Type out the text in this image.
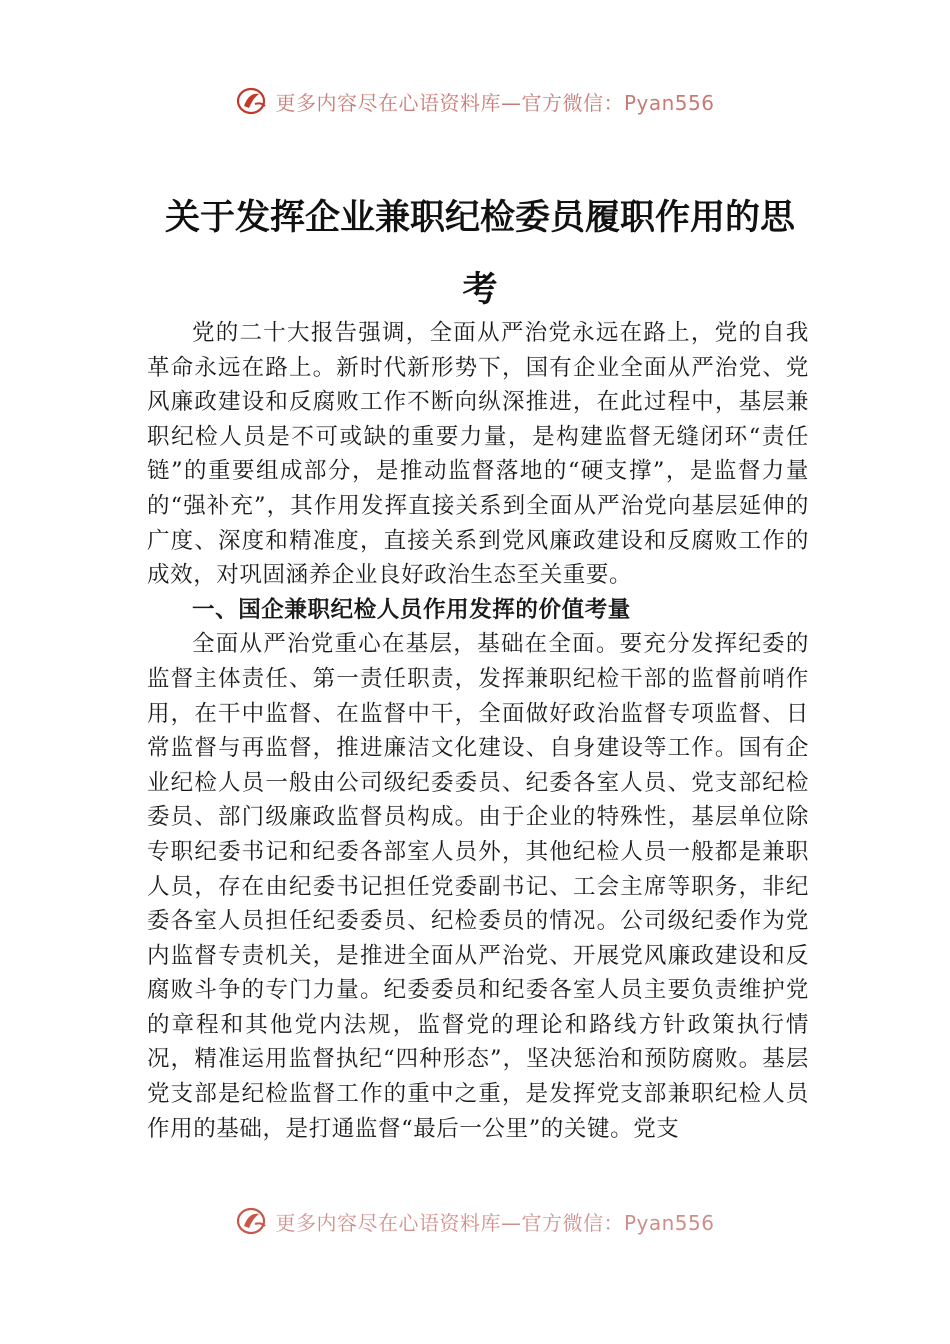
更多内容尽在心语资料库—官方微信：Pyan556
关于发挥企业兼职纪检委员履职作用的思考

党的二十大报告强调，全面从严治党永远在路上，党的自我革命永远在路上。新时代新形势下，国有企业全面从严治党、党风廉政建设和反腐败工作不断向纵深推进，在此过程中，基层兼职纪检人员是不可或缺的重要力量，是构建监督无缝闭环“责任链”的重要组成部分，是推动监督落地的“硬支撑”，是监督力量的“强补充”，其作用发挥直接关系到全面从严治党向基层延伸的广度、深度和精准度，直接关系到党风廉政建设和反腐败工作的成效，对巩固涵养企业良好政治生态至关重要。

一、国企兼职纪检人员作用发挥的价值考量

全面从严治党重心在基层，基础在全面。要充分发挥纪委的监督主体责任、第一责任职责，发挥兼职纪检干部的监督前哨作用，在干中监督、在监督中干，全面做好政治监督专项监督、日常监督与再监督，推进廉洁文化建设、自身建设等工作。国有企业纪检人员一般由公司级纪委委员、纪委各室人员、党支部纪检委员、部门级廉政监督员构成。由于企业的特殊性，基层单位除专职纪委书记和纪委各部室人员外，其他纪检人员一般都是兼职人员，存在由纪委书记担任党委副书记、工会主席等职务，非纪委各室人员担任纪委委员、纪检委员的情况。公司级纪委作为党内监督专责机关，是推进全面从严治党、开展党风廉政建设和反腐败斗争的专门力量。纪委委员和纪委各室人员主要负责维护党的章程和其他党内法规，监督党的理论和路线方针政策执行情况，精准运用监督执纪“四种形态”，坚决惩治和预防腐败。基层党支部是纪检监督工作的重中之重，是发挥党支部兼职纪检人员作用的基础，是打通监督“最后一公里”的关键。党支

更多内容尽在心语资料库—官方微信：Pyan556
